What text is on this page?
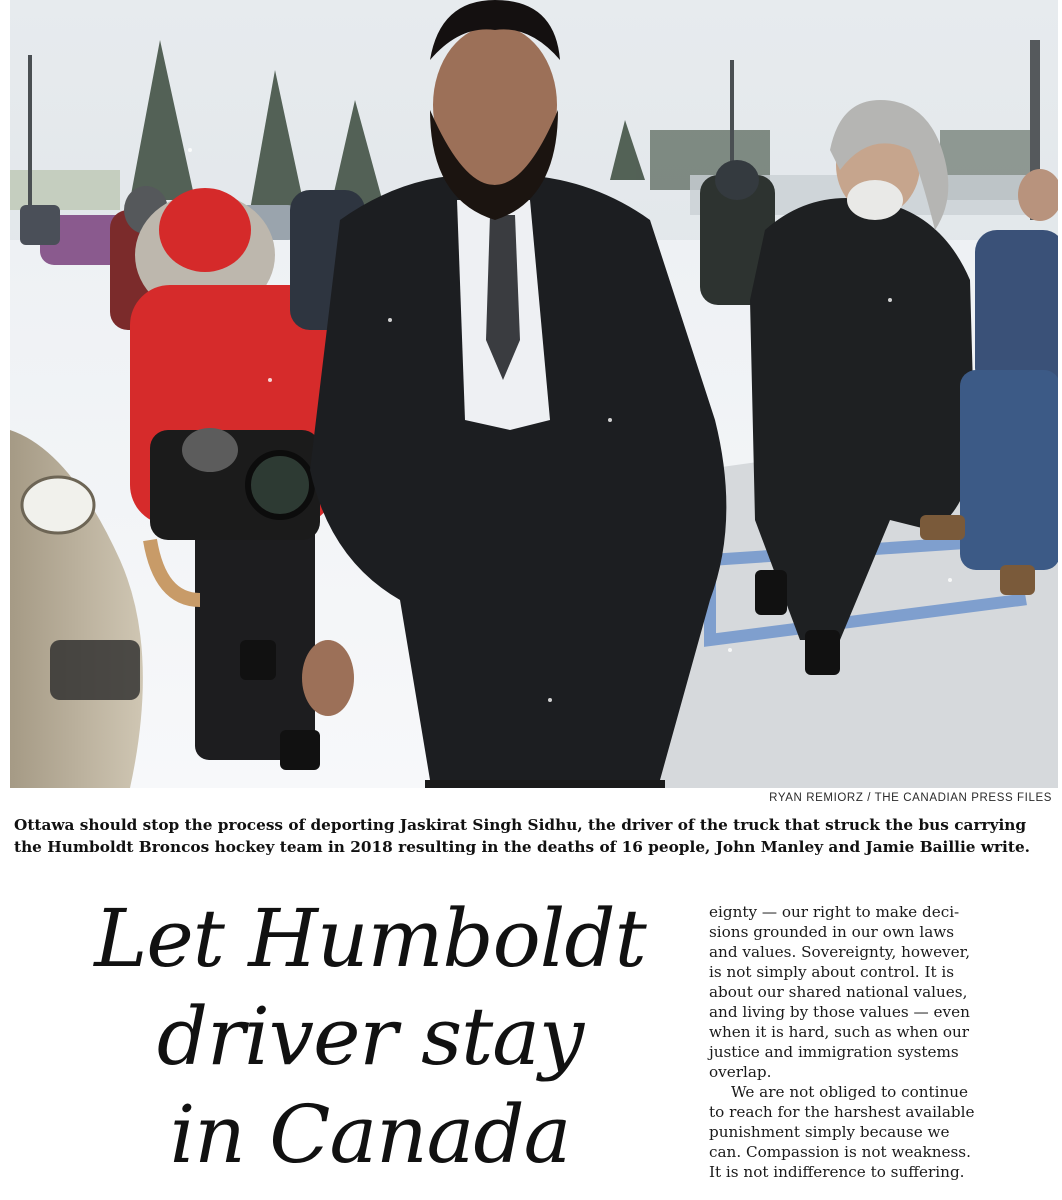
RYAN REMIORZ / THE CANADIAN PRESS FILES

Ottawa should stop the process of deporting Jaskirat Singh Sidhu, the driver of the truck that struck the bus carrying

the Humboldt Broncos hockey team in 2018 resulting in the deaths of 16 people, John Manley and Jamie Baillie write.

Let Humboldt
driver stay
in Canada

eignty — our right to make deci-

sions grounded in our own laws

and values. Sovereignty, however,

is not simply about control. It is

about our shared national values,

and living by those values — even

when it is hard, such as when our

justice and immigration systems

overlap.

We are not obliged to continue

to reach for the harshest available

punishment simply because we

can. Compassion is not weakness.

It is not indifference to suffering.
